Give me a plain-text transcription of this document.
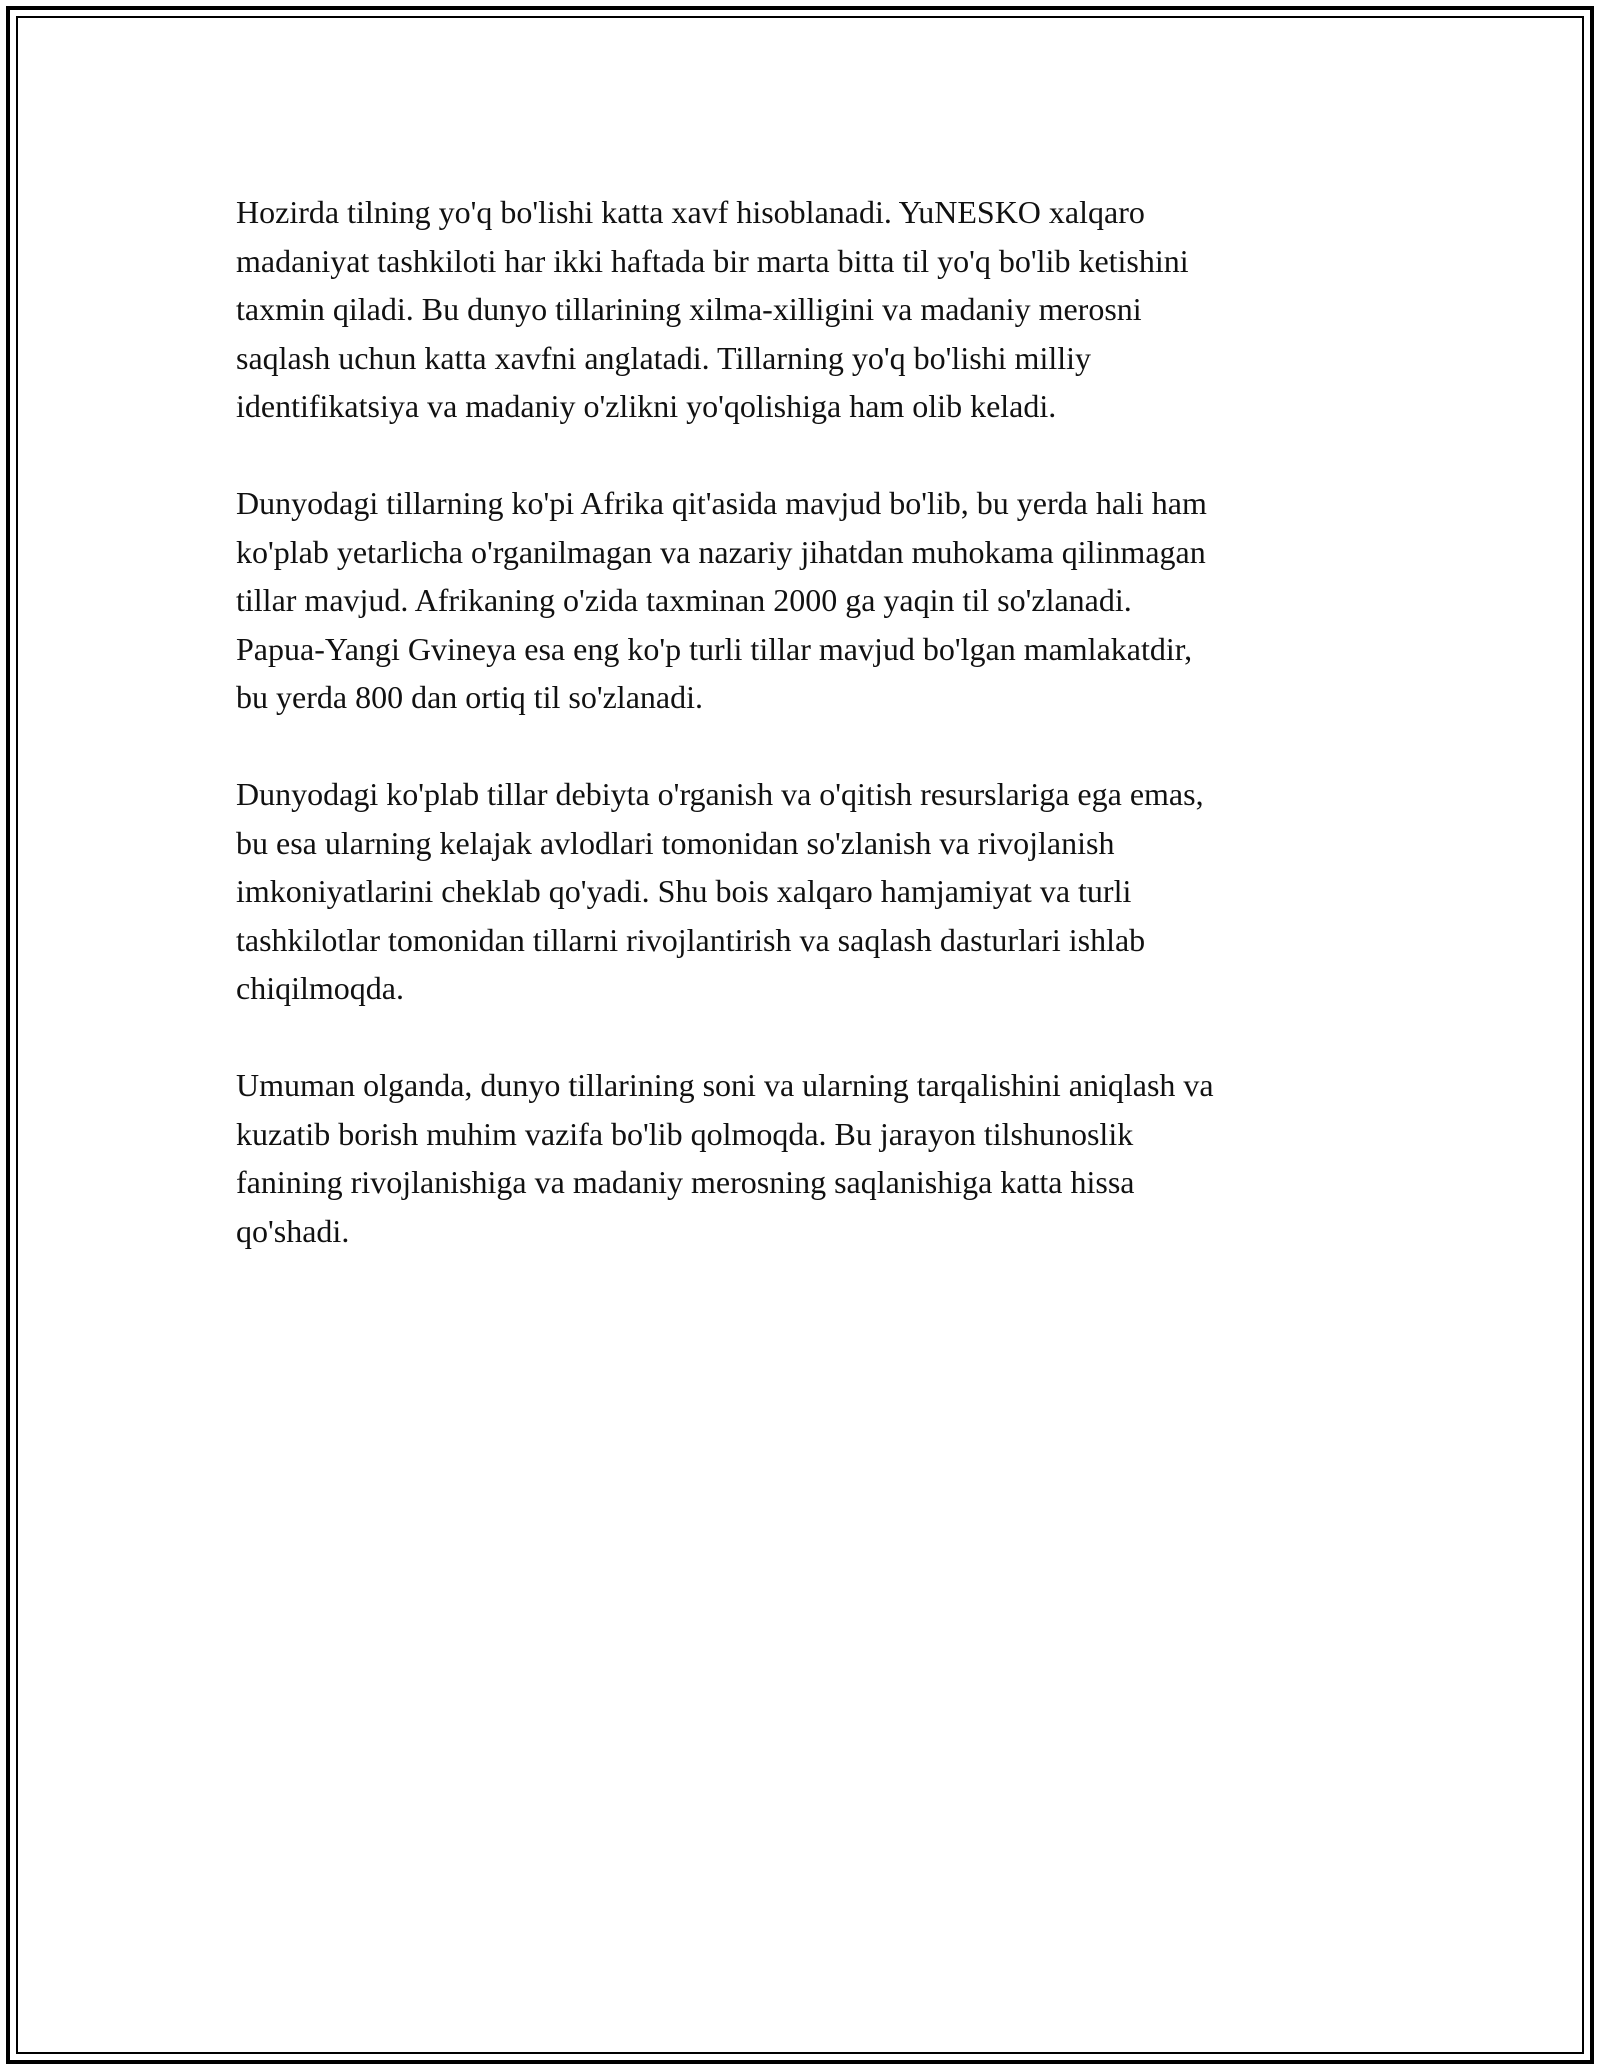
Hozirda tilning yo'q bo'lishi katta xavf hisoblanadi. YuNESKO xalqaro
madaniyat tashkiloti har ikki haftada bir marta bitta til yo'q bo'lib ketishini
taxmin qiladi. Bu dunyo tillarining xilma-xilligini va madaniy merosni
saqlash uchun katta xavfni anglatadi. Tillarning yo'q bo'lishi milliy
identifikatsiya va madaniy o'zlikni yo'qolishiga ham olib keladi.

Dunyodagi tillarning ko'pi Afrika qit'asida mavjud bo'lib, bu yerda hali ham
ko'plab yetarlicha o'rganilmagan va nazariy jihatdan muhokama qilinmagan
tillar mavjud. Afrikaning o'zida taxminan 2000 ga yaqin til so'zlanadi.
Papua-Yangi Gvineya esa eng ko'p turli tillar mavjud bo'lgan mamlakatdir,
bu yerda 800 dan ortiq til so'zlanadi.

Dunyodagi ko'plab tillar debiyta o'rganish va o'qitish resurslariga ega emas,
bu esa ularning kelajak avlodlari tomonidan so'zlanish va rivojlanish
imkoniyatlarini cheklab qo'yadi. Shu bois xalqaro hamjamiyat va turli
tashkilotlar tomonidan tillarni rivojlantirish va saqlash dasturlari ishlab
chiqilmoqda.

Umuman olganda, dunyo tillarining soni va ularning tarqalishini aniqlash va
kuzatib borish muhim vazifa bo'lib qolmoqda. Bu jarayon tilshunoslik
fanining rivojlanishiga va madaniy merosning saqlanishiga katta hissa
qo'shadi.
